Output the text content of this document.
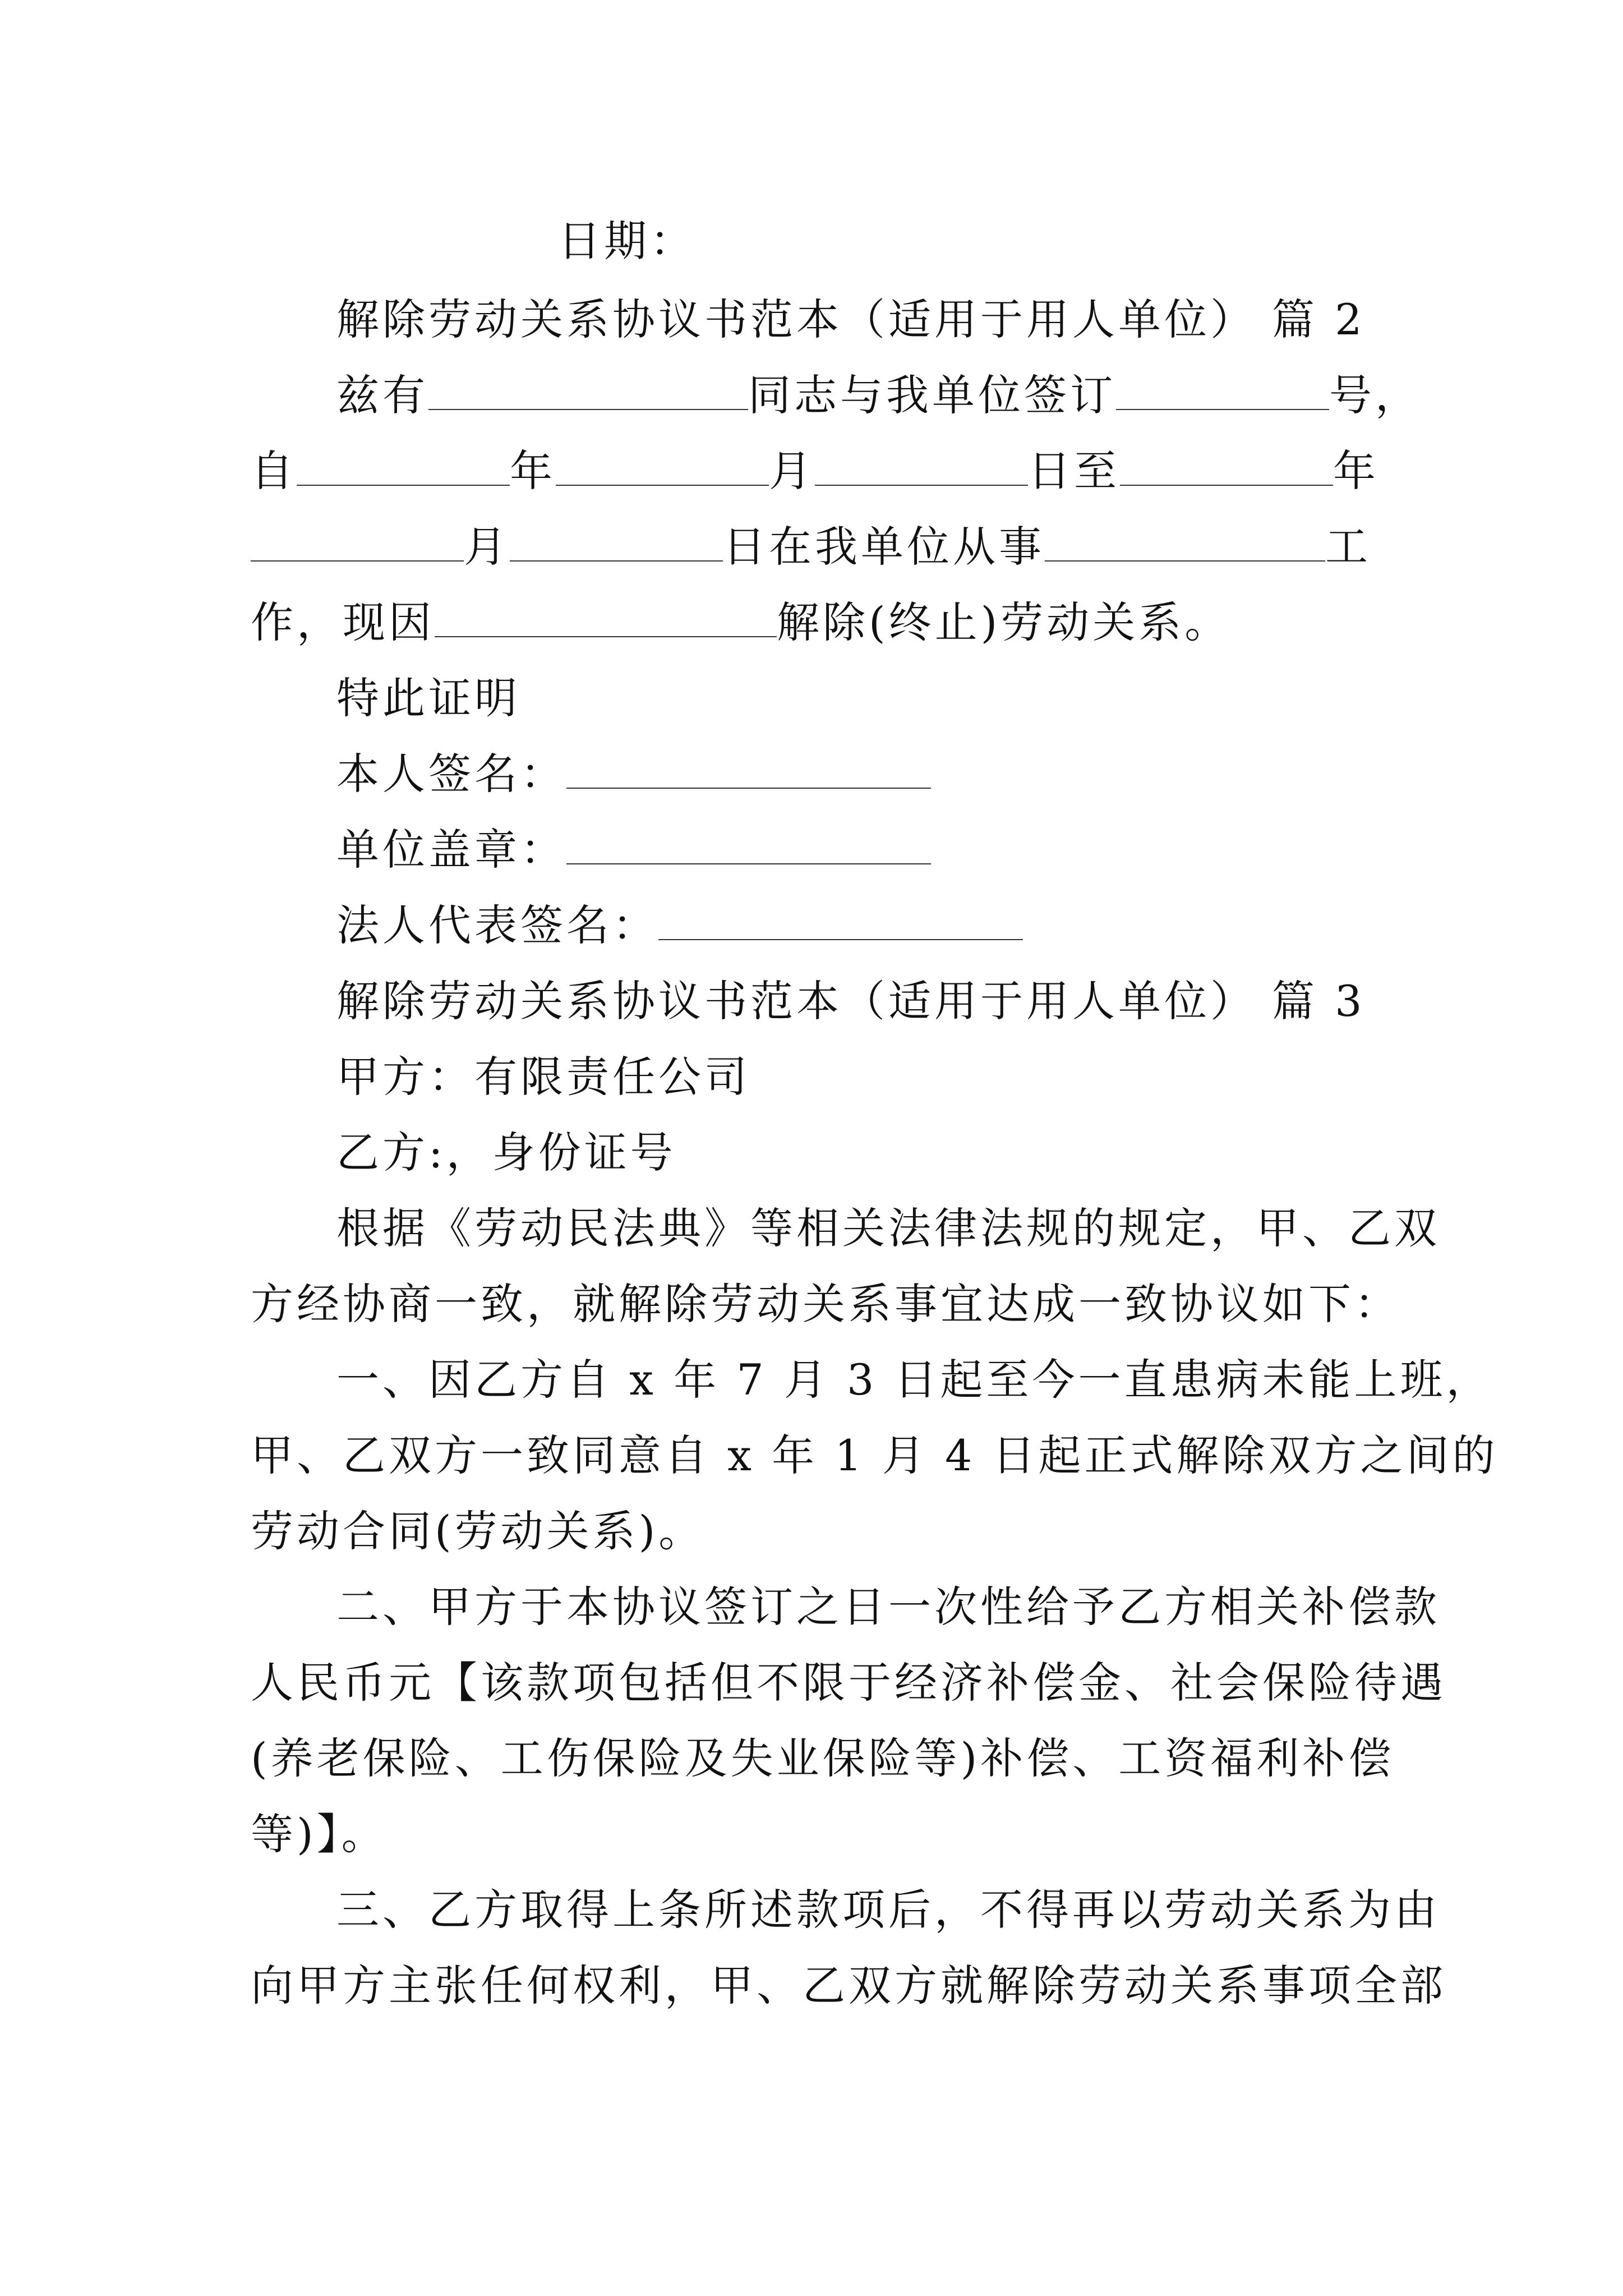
日期：
解除劳动关系协议书范本（适用于用人单位） 篇 2
兹有	同志与我单位签订	号，
自	年	月	日至	年
月	日在我单位从事	工
作，现因	解除(终止)劳动关系。
特此证明
本人签名：
单位盖章：
法人代表签名：
解除劳动关系协议书范本（适用于用人单位） 篇 3
甲方：有限责任公司
乙方:，身份证号
根据《劳动民法典》等相关法律法规的规定，甲、乙双
方经协商一致，就解除劳动关系事宜达成一致协议如下：
一、因乙方自 x 年 7 月 3 日起至今一直患病未能上班，
甲、乙双方一致同意自 x 年 1 月 4 日起正式解除双方之间的
劳动合同(劳动关系)。
二、甲方于本协议签订之日一次性给予乙方相关补偿款
人民币元【该款项包括但不限于经济补偿金、社会保险待遇
(养老保险、工伤保险及失业保险等)补偿、工资福利补偿
等)】。
三、乙方取得上条所述款项后，不得再以劳动关系为由
向甲方主张任何权利，甲、乙双方就解除劳动关系事项全部
